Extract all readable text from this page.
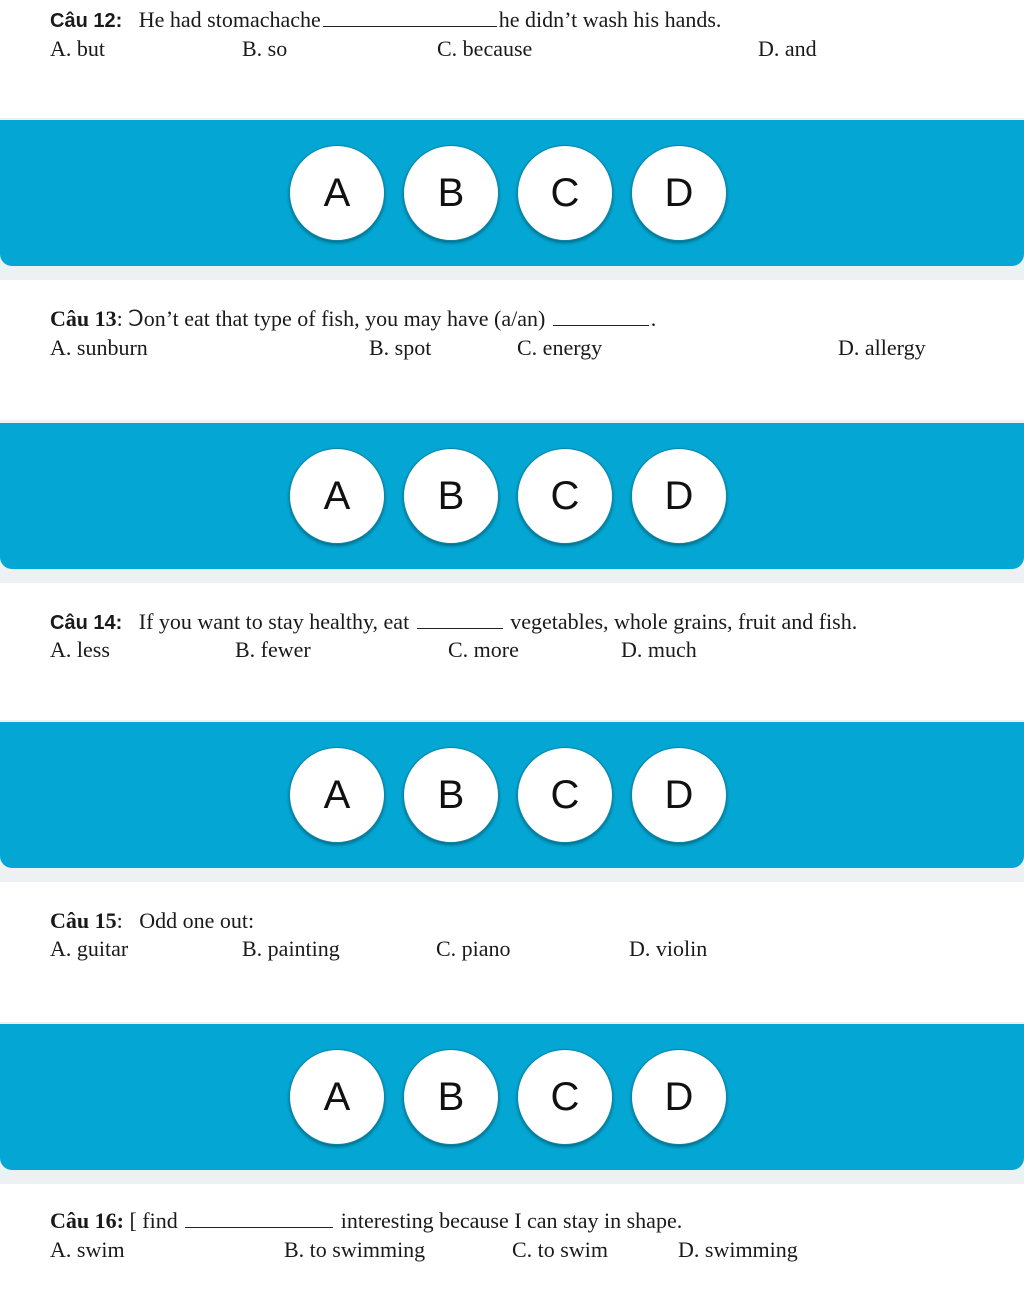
Câu 12: He had stomachache	he didn’t wash his hands.
A. but	B. so	C. because	D. and
A	B	C	D
Câu 13: Ↄon’t eat that type of fish, you may have (a/an)	.
A. sunburn	B. spot	C. energy	D. allergy
A	B	C	D
Câu 14: If you want to stay healthy, eat	vegetables, whole grains, fruit and fish.
A. less	B. fewer	C. more	D. much
A	B	C	D
Câu 15: Odd one out:
A. guitar	B. painting	C. piano	D. violin
A	B	C	D
Câu 16: [ find	interesting because I can stay in shape.
A. swim	B. to swimming	C. to swim	D. swimming
